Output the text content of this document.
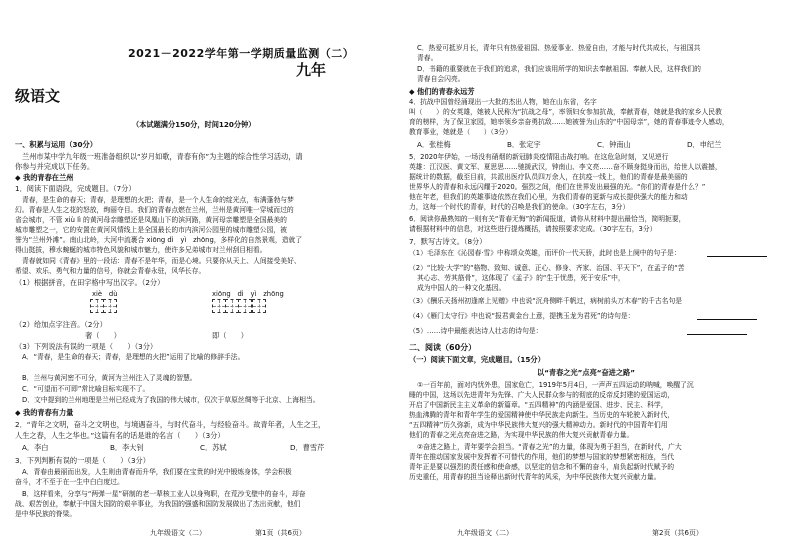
2021－2022学年第一学期质量监测（二）
九年
级语文
（本试题满分150分，时间120分钟）
一、积累与运用（30分）
兰州市某中学九年级一班准备组织以“岁月如歌，青春有你”为主题的综合性学习活动，请
你参与并完成以下任务。
◆ 我的青春在兰州
1．阅读下面语段，完成题目。（7分）
青春，是生命的春天；青春，是理想的火把；青春，是一个人生命的绽光点，布满蓬勃与梦
幻。青春是人生之花的怒放，绚丽夺目。我们的青春点燃在兰州，兰州是黄河唯一穿城而过的
省会城市，不管 xiù lì 的黄河母亲雕塑还是凤凰山下的滨河路，黄河母亲雕塑是全国最美的
城市雕塑之一，它的安置在黄河风情线上是全国最长的市内滨河公园里的城市雕塑公园，被
誉为“兰州外滩”。南山北岭，大河中流裹合 xiōng dì　yì　zhōng，多样化的自然景观，造就了
得山挺拔，穆水蜿蜒的城市特色风貌和城市魅力，使许多兄弟城市对兰州刮目相看。
青春就如同《青春》里的一段话：青春不是年华，而是心境。只要你从天上、人间接受美好、
希望、欢乐、勇气和力量的信号，你就会青春永驻，风华长存。
（1）根据拼音，在田字格中写出汉字。（2分）
xiè　dù	xiōng　dì　yì　zhōng
（2）给加点字注音。（2分）
奢（　　）	即（　　）
（3）下列说法有误的一项是（　　）（3分）
A．“青春，是生命的春天；青春，是理想的火把”运用了比喻的修辞手法。
B．兰州与黄河密不可分，黄河为兰州注入了灵魂的智慧。
C．“可望而不可即”常比喻目标实现不了。
D．文中提到的兰州地理是兰州已经成为了我国的伟大城市，仅次于草原丝绸等于北京、上海相当。
◆ 我的青春有力量
2．“青年之文明，奋斗之文明也，与境遇奋斗，与时代奋斗，与经验奋斗。故青年者，人生之王，
人生之春，人生之华也。”这篇有名的话是谁的名言（　　）（3分）
A．李白	B．李大钊	C．苏轼	D．曹雪芹
3．下列判断有误的一项是（　　）（3分）
A．青春由最丽而出发，人生则由青春而升华，我们要在宝贵的时光中锻炼身体，学会积极
奋斗，才不至于在一生中白白度过。
B．这样看来，分享与“两弹一星”研制的老一辈核工业人以身殉职，在荒沙戈壁中的奋斗，却奋
战、艰苦创业，奉献于中国大国防的艰辛事业，为我国的强盛和国防发展做出了杰出贡献，他们
是中华民族的脊梁。
九年级语文（二）	第1页（共6页）
C．热爱可抵岁月长，青年只有热爱祖国、热爱事业、热爱自由，才能与时代共成长，与祖国共
青春。
D．书籍的重要就在于我们的追求，我们应该用所学的知识去奉献祖国、奉献人民，这样我们的
青春自会闪亮。
◆ 他们的青春永远芳
4．抗战中国曾经涌现出一大批的杰出人物，她在山东省，名字
叫（　　）的女英雄，她被人民称为“抗战之母”，率领妇女参加抗战，奉献青春，她就是我的家乡人民教
育的榜样，为了保卫家园，她率领乡亲奋勇抗敌……她被誉为山东的“中国母亲”，她的青春事迹令人感动，
教育事业，她就是（　　）（3分）
A．张桂梅	B．张定宇	C．钟南山	D．申纪兰
5．2020年伊始，一场没有硝烟的新冠肺炎疫情阻击战打响。在这危急时刻，又见逆行
英雄：江汉医、黄文军、夏思思……驰援武汉，钟南山、李文亮……奋不顾身挺身而出，给世人以震撼，
据统计的数据，截至目前，共派出医疗队员四万余人，在抗疫一线上，他们的青春是最美丽的
世界华人的青春和永远闪耀于2020。强烈之间，他们在世界发出最强的光。“你们的青春是什么？”
他在年老，但我们的英雄事迹依然在我们心里，为我们青春的更新与成长提供强大的能力和动
力，这每一个时代的青春，时代的召唤是我们的使命。（30字左右，3分）
6．阅读你最熟知的一则有关“青春无悔”的新闻报道，请你从材料中提出最恰当，简明扼要，
请根据材料中的信息，对这些进行提炼概括，请按照要求完成。（30字左右，3分）
7．默写古诗文。（8分）
（1）毛泽东在《沁园春·雪》中称颂众英雄，而评价一代天骄，此时也是上阕中的句子是：
（2）“比较·大学”的“格物、致知、诚意、正心、修身、齐家、治国、平天下”，在孟子的“苦
其心志、劳其筋骨”，这体现了《孟子》的“生于忧患，死于安乐”中，
成为中国人的一种文化基因。
（3）《酬乐天扬州初逢席上见赠》中也说“沉舟侧畔千帆过，病树前头万木春”的千古名句是
（4）《雁门太守行》中也说“报君黄金台上意，提携玉龙为君死”的诗句是：
（5）……诗中最能表达诗人壮志的诗句是：
二、阅读（60分）
（一）阅读下面文章，完成题目。（15分）
以“青春之光”点亮“奋进之路”
①一百年前，面对内忧外患，国家危亡，1919年5月4日，一声声五四运动的呐喊，唤醒了沉
睡的中国，这场以先进青年为先锋、广大人民群众参与的彻底的反帝反封建的爱国运动，
开启了中国新民主主义革命的新篇章。“五四精神”的内涵是爱国、进步、民主、科学，
热血沸腾的青年和青年学生的爱国精神使中华民族走向新生。当历史的车轮驶入新时代，
“五四精神”历久弥新，成为中华民族伟大复兴的强大精神动力。新时代的中国青年们用
他们的青春之光点亮奋进之路，为实现中华民族的伟大复兴贡献青春力量。
②奋进之路上，青年要学会担当。“青春之光”的力量，体现为勇于担当，在新时代，广大
青年在推动国家发展中发挥着不可替代的作用，他们的梦想与国家的梦想紧密相连，当代
青年正是要以强烈的责任感和使命感，以坚定的信念和不懈的奋斗，肩负起新时代赋予的
历史重任，用青春的担当诠释出新时代青年的风采，为中华民族伟大复兴贡献力量。
九年级语文（二）	第2页（共6页）
